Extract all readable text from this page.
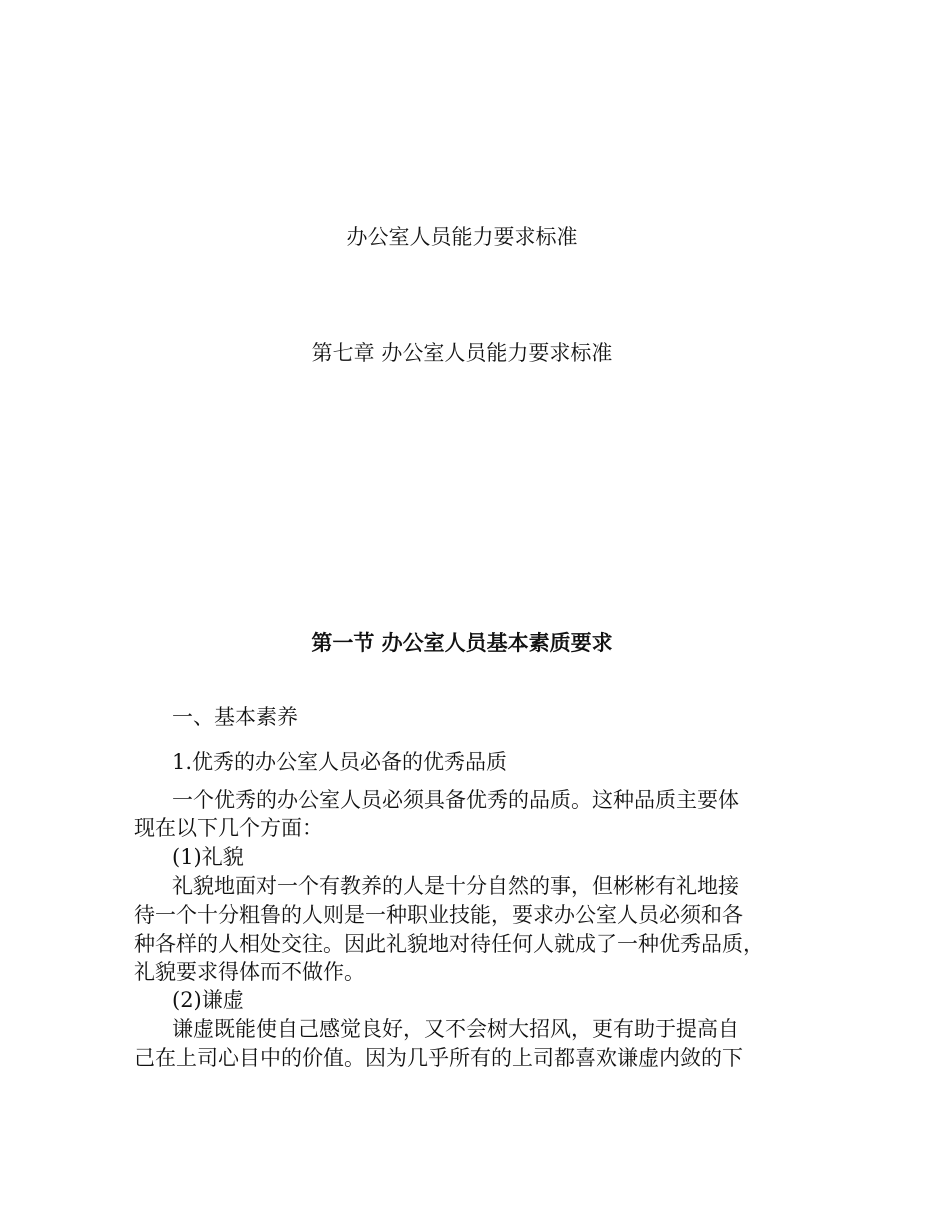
办公室人员能力要求标准
第七章 办公室人员能力要求标准
第一节 办公室人员基本素质要求
一、基本素养
1.优秀的办公室人员必备的优秀品质
一个优秀的办公室人员必须具备优秀的品质。这种品质主要体
现在以下几个方面：
(1)礼貌
礼貌地面对一个有教养的人是十分自然的事，但彬彬有礼地接
待一个十分粗鲁的人则是一种职业技能，要求办公室人员必须和各
种各样的人相处交往。因此礼貌地对待任何人就成了一种优秀品质，
礼貌要求得体而不做作。
(2)谦虚
谦虚既能使自己感觉良好，又不会树大招风，更有助于提高自
己在上司心目中的价值。因为几乎所有的上司都喜欢谦虚内敛的下
